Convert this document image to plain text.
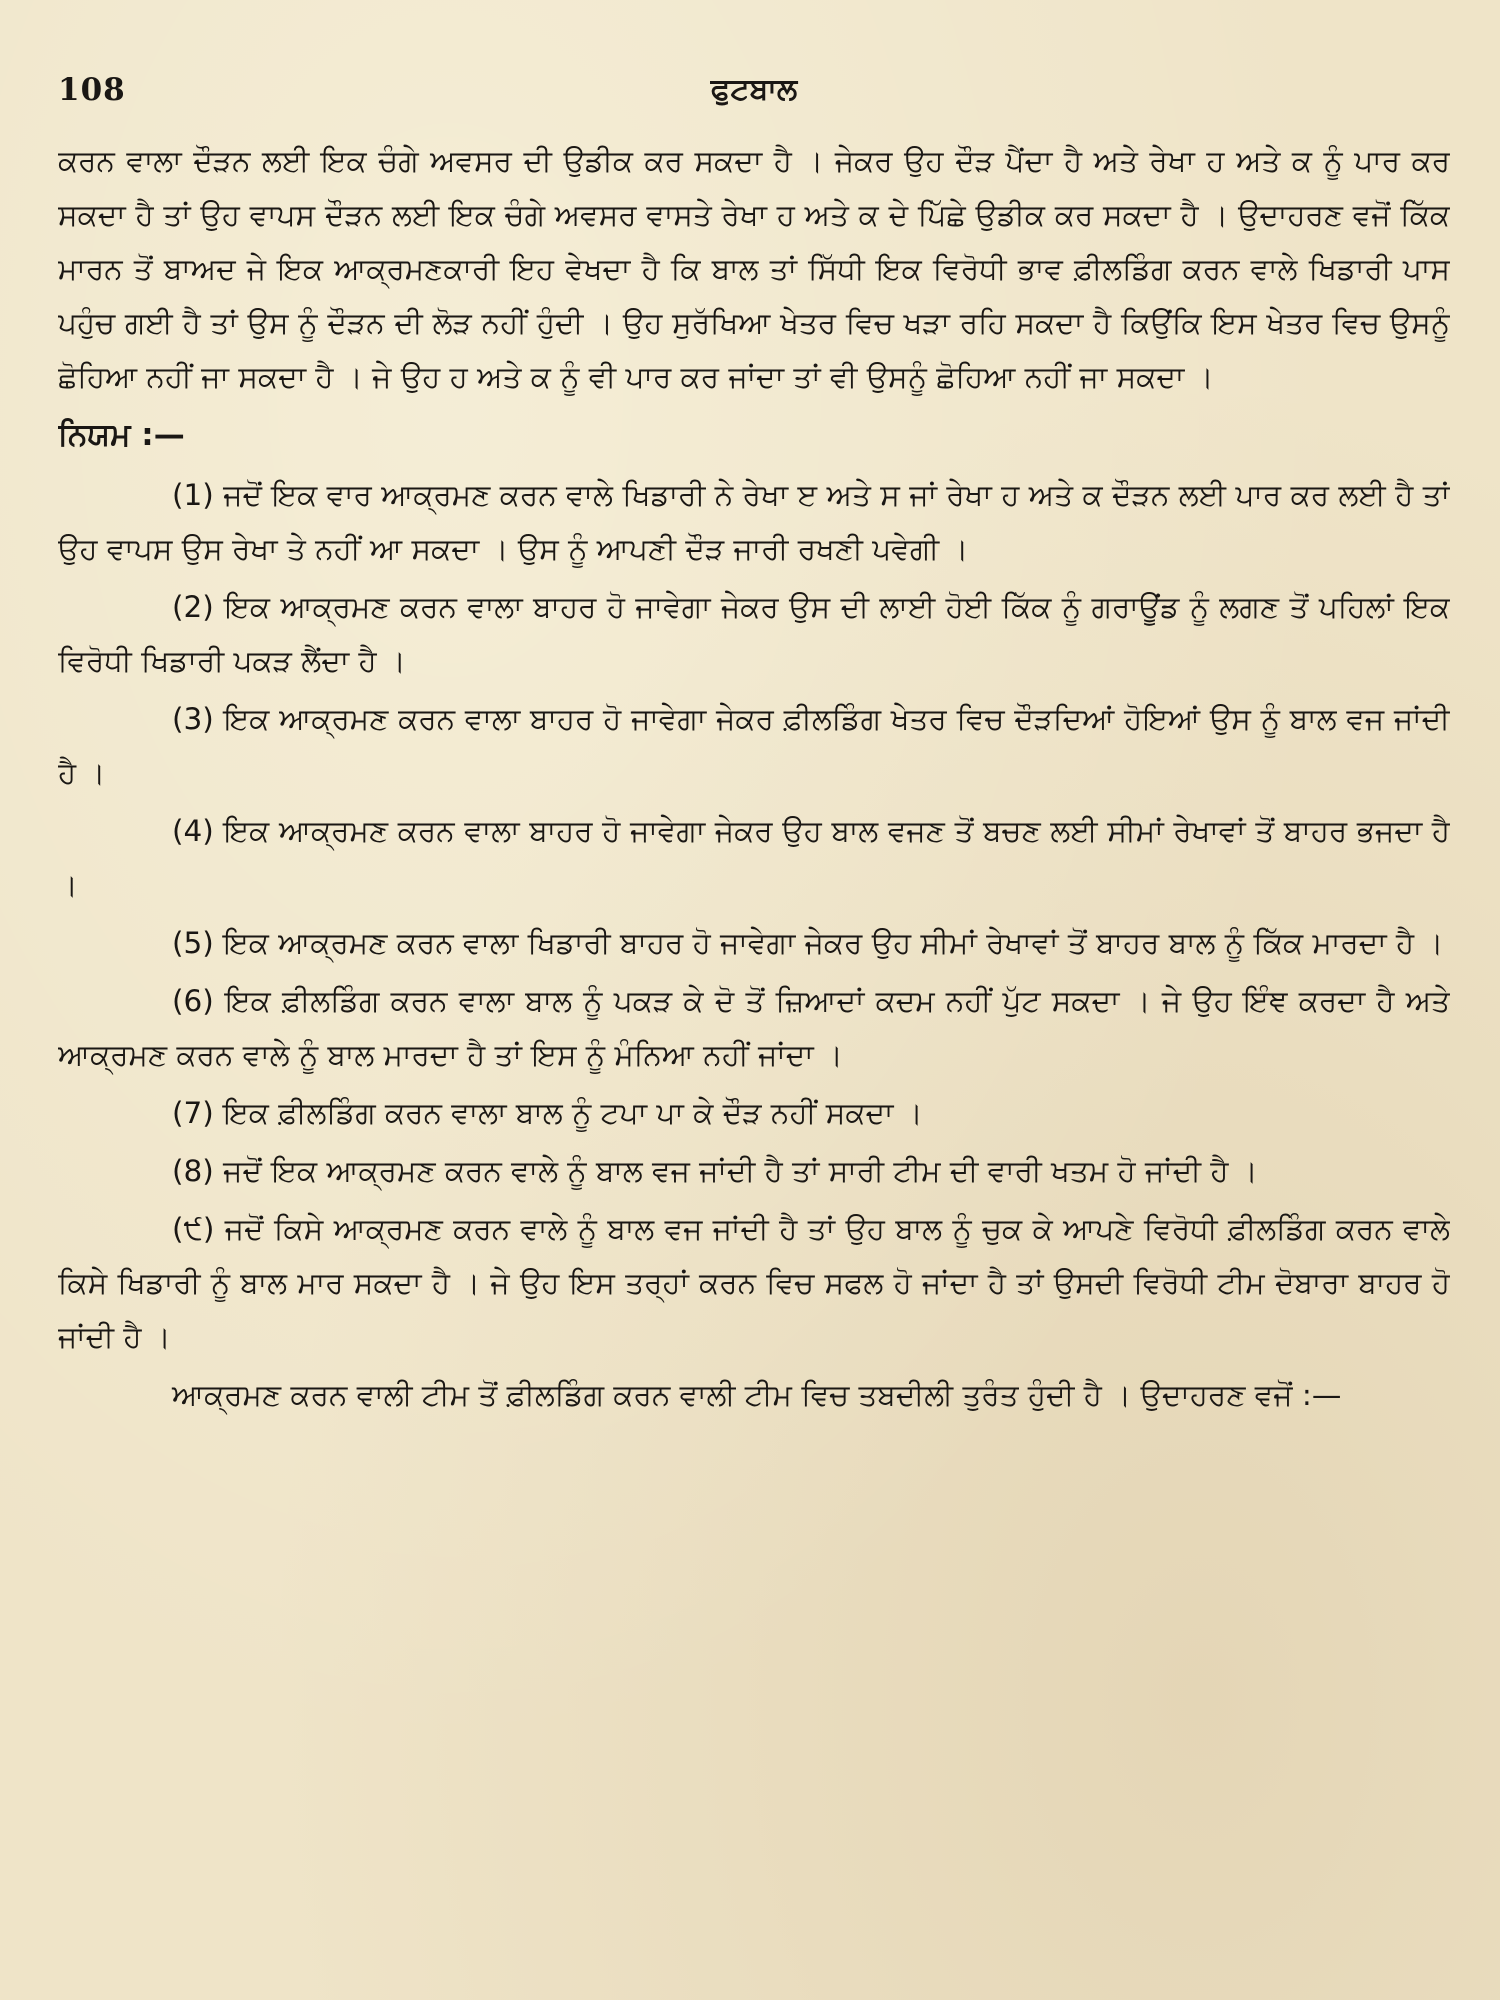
108	ਫੁਟਬਾਲ

ਕਰਨ ਵਾਲਾ ਦੌੜਨ ਲਈ ਇਕ ਚੰਗੇ ਅਵਸਰ ਦੀ ਉਡੀਕ ਕਰ ਸਕਦਾ ਹੈ । ਜੇਕਰ ਉਹ ਦੌੜ ਪੈਂਦਾ ਹੈ ਅਤੇ ਰੇਖਾ ਹ ਅਤੇ ਕ ਨੂੰ ਪਾਰ ਕਰ ਸਕਦਾ ਹੈ ਤਾਂ ਉਹ ਵਾਪਸ ਦੌੜਨ ਲਈ ਇਕ ਚੰਗੇ ਅਵਸਰ ਵਾਸਤੇ ਰੇਖਾ ਹ ਅਤੇ ਕ ਦੇ ਪਿੱਛੇ ਉਡੀਕ ਕਰ ਸਕਦਾ ਹੈ । ਉਦਾਹਰਣ ਵਜੋਂ ਕਿੱਕ ਮਾਰਨ ਤੋਂ ਬਾਅਦ ਜੇ ਇਕ ਆਕ੍ਰਮਣਕਾਰੀ ਇਹ ਵੇਖਦਾ ਹੈ ਕਿ ਬਾਲ ਤਾਂ ਸਿੱਧੀ ਇਕ ਵਿਰੋਧੀ ਭਾਵ ਫ਼ੀਲਡਿੰਗ ਕਰਨ ਵਾਲੇ ਖਿਡਾਰੀ ਪਾਸ ਪਹੁੰਚ ਗਈ ਹੈ ਤਾਂ ਉਸ ਨੂੰ ਦੌੜਨ ਦੀ ਲੋੜ ਨਹੀਂ ਹੁੰਦੀ । ਉਹ ਸੁਰੱਖਿਆ ਖੇਤਰ ਵਿਚ ਖੜਾ ਰਹਿ ਸਕਦਾ ਹੈ ਕਿਉਂਕਿ ਇਸ ਖੇਤਰ ਵਿਚ ਉਸਨੂੰ ਛੋਹਿਆ ਨਹੀਂ ਜਾ ਸਕਦਾ ਹੈ । ਜੇ ਉਹ ਹ ਅਤੇ ਕ ਨੂੰ ਵੀ ਪਾਰ ਕਰ ਜਾਂਦਾ ਤਾਂ ਵੀ ਉਸਨੂੰ ਛੋਹਿਆ ਨਹੀਂ ਜਾ ਸਕਦਾ ।

ਨਿਯਮ :—

(1) ਜਦੋਂ ਇਕ ਵਾਰ ਆਕ੍ਰਮਣ ਕਰਨ ਵਾਲੇ ਖਿਡਾਰੀ ਨੇ ਰੇਖਾ ੲ ਅਤੇ ਸ ਜਾਂ ਰੇਖਾ ਹ ਅਤੇ ਕ ਦੌੜਨ ਲਈ ਪਾਰ ਕਰ ਲਈ ਹੈ ਤਾਂ ਉਹ ਵਾਪਸ ਉਸ ਰੇਖਾ ਤੇ ਨਹੀਂ ਆ ਸਕਦਾ । ਉਸ ਨੂੰ ਆਪਣੀ ਦੌੜ ਜਾਰੀ ਰਖਣੀ ਪਵੇਗੀ ।

(2) ਇਕ ਆਕ੍ਰਮਣ ਕਰਨ ਵਾਲਾ ਬਾਹਰ ਹੋ ਜਾਵੇਗਾ ਜੇਕਰ ਉਸ ਦੀ ਲਾਈ ਹੋਈ ਕਿੱਕ ਨੂੰ ਗਰਾਊਂਡ ਨੂੰ ਲਗਣ ਤੋਂ ਪਹਿਲਾਂ ਇਕ ਵਿਰੋਧੀ ਖਿਡਾਰੀ ਪਕੜ ਲੈਂਦਾ ਹੈ ।

(3) ਇਕ ਆਕ੍ਰਮਣ ਕਰਨ ਵਾਲਾ ਬਾਹਰ ਹੋ ਜਾਵੇਗਾ ਜੇਕਰ ਫ਼ੀਲਡਿੰਗ ਖੇਤਰ ਵਿਚ ਦੌੜਦਿਆਂ ਹੋਇਆਂ ਉਸ ਨੂੰ ਬਾਲ ਵਜ ਜਾਂਦੀ ਹੈ ।

(4) ਇਕ ਆਕ੍ਰਮਣ ਕਰਨ ਵਾਲਾ ਬਾਹਰ ਹੋ ਜਾਵੇਗਾ ਜੇਕਰ ਉਹ ਬਾਲ ਵਜਣ ਤੋਂ ਬਚਣ ਲਈ ਸੀਮਾਂ ਰੇਖਾਵਾਂ ਤੋਂ ਬਾਹਰ ਭਜਦਾ ਹੈ ।

(5) ਇਕ ਆਕ੍ਰਮਣ ਕਰਨ ਵਾਲਾ ਖਿਡਾਰੀ ਬਾਹਰ ਹੋ ਜਾਵੇਗਾ ਜੇਕਰ ਉਹ ਸੀਮਾਂ ਰੇਖਾਵਾਂ ਤੋਂ ਬਾਹਰ ਬਾਲ ਨੂੰ ਕਿੱਕ ਮਾਰਦਾ ਹੈ ।

(6) ਇਕ ਫ਼ੀਲਡਿੰਗ ਕਰਨ ਵਾਲਾ ਬਾਲ ਨੂੰ ਪਕੜ ਕੇ ਦੋ ਤੋਂ ਜ਼ਿਆਦਾਂ ਕਦਮ ਨਹੀਂ ਪੁੱਟ ਸਕਦਾ । ਜੇ ਉਹ ਇੰਞ ਕਰਦਾ ਹੈ ਅਤੇ ਆਕ੍ਰਮਣ ਕਰਨ ਵਾਲੇ ਨੂੰ ਬਾਲ ਮਾਰਦਾ ਹੈ ਤਾਂ ਇਸ ਨੂੰ ਮੰਨਿਆ ਨਹੀਂ ਜਾਂਦਾ ।

(7) ਇਕ ਫ਼ੀਲਡਿੰਗ ਕਰਨ ਵਾਲਾ ਬਾਲ ਨੂੰ ਟਪਾ ਪਾ ਕੇ ਦੌੜ ਨਹੀਂ ਸਕਦਾ ।

(8) ਜਦੋਂ ਇਕ ਆਕ੍ਰਮਣ ਕਰਨ ਵਾਲੇ ਨੂੰ ਬਾਲ ਵਜ ਜਾਂਦੀ ਹੈ ਤਾਂ ਸਾਰੀ ਟੀਮ ਦੀ ਵਾਰੀ ਖਤਮ ਹੋ ਜਾਂਦੀ ਹੈ ।

(੯) ਜਦੋਂ ਕਿਸੇ ਆਕ੍ਰਮਣ ਕਰਨ ਵਾਲੇ ਨੂੰ ਬਾਲ ਵਜ ਜਾਂਦੀ ਹੈ ਤਾਂ ਉਹ ਬਾਲ ਨੂੰ ਚੁਕ ਕੇ ਆਪਣੇ ਵਿਰੋਧੀ ਫ਼ੀਲਡਿੰਗ ਕਰਨ ਵਾਲੇ ਕਿਸੇ ਖਿਡਾਰੀ ਨੂੰ ਬਾਲ ਮਾਰ ਸਕਦਾ ਹੈ । ਜੇ ਉਹ ਇਸ ਤਰ੍ਹਾਂ ਕਰਨ ਵਿਚ ਸਫਲ ਹੋ ਜਾਂਦਾ ਹੈ ਤਾਂ ਉਸਦੀ ਵਿਰੋਧੀ ਟੀਮ ਦੋਬਾਰਾ ਬਾਹਰ ਹੋ ਜਾਂਦੀ ਹੈ ।

ਆਕ੍ਰਮਣ ਕਰਨ ਵਾਲੀ ਟੀਮ ਤੋਂ ਫ਼ੀਲਡਿੰਗ ਕਰਨ ਵਾਲੀ ਟੀਮ ਵਿਚ ਤਬਦੀਲੀ ਤੁਰੰਤ ਹੁੰਦੀ ਹੈ । ਉਦਾਹਰਣ ਵਜੋਂ :—
